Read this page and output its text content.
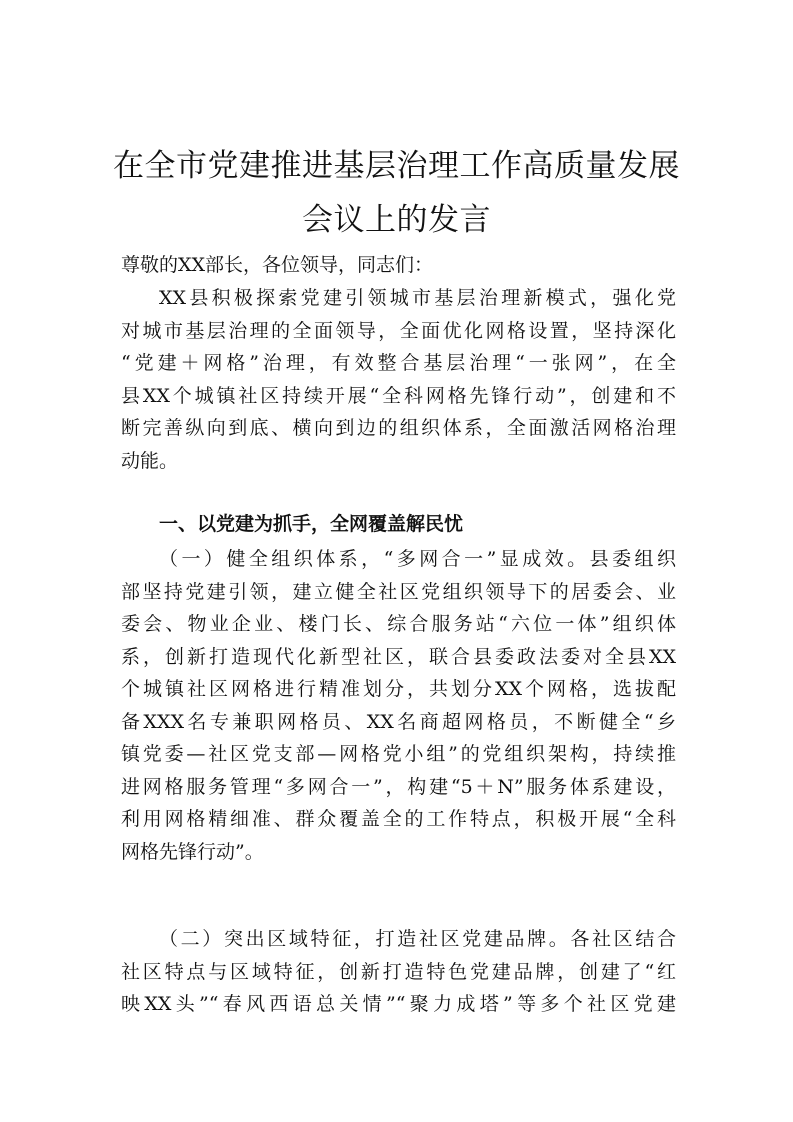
在全市党建推进基层治理工作高质量发展
会议上的发言
尊敬的XX部长，各位领导，同志们：
XX县积极探索党建引领城市基层治理新模式，强化党
对城市基层治理的全面领导，全面优化网格设置，坚持深化
“党建＋网格”治理，有效整合基层治理“一张网”，在全
县XX个城镇社区持续开展“全科网格先锋行动”，创建和不
断完善纵向到底、横向到边的组织体系，全面激活网格治理
动能。
一、以党建为抓手，全网覆盖解民忧
（一）健全组织体系，“多网合一”显成效。县委组织
部坚持党建引领，建立健全社区党组织领导下的居委会、业
委会、物业企业、楼门长、综合服务站“六位一体”组织体
系，创新打造现代化新型社区，联合县委政法委对全县XX
个城镇社区网格进行精准划分，共划分XX个网格，选拔配
备XXX名专兼职网格员、XX名商超网格员，不断健全“乡
镇党委—社区党支部—网格党小组”的党组织架构，持续推
进网格服务管理“多网合一”，构建“5＋N”服务体系建设，
利用网格精细准、群众覆盖全的工作特点，积极开展“全科
网格先锋行动”。
（二）突出区域特征，打造社区党建品牌。各社区结合
社区特点与区域特征，创新打造特色党建品牌，创建了“红
映XX头”“春风西语总关情”“聚力成塔”等多个社区党建
